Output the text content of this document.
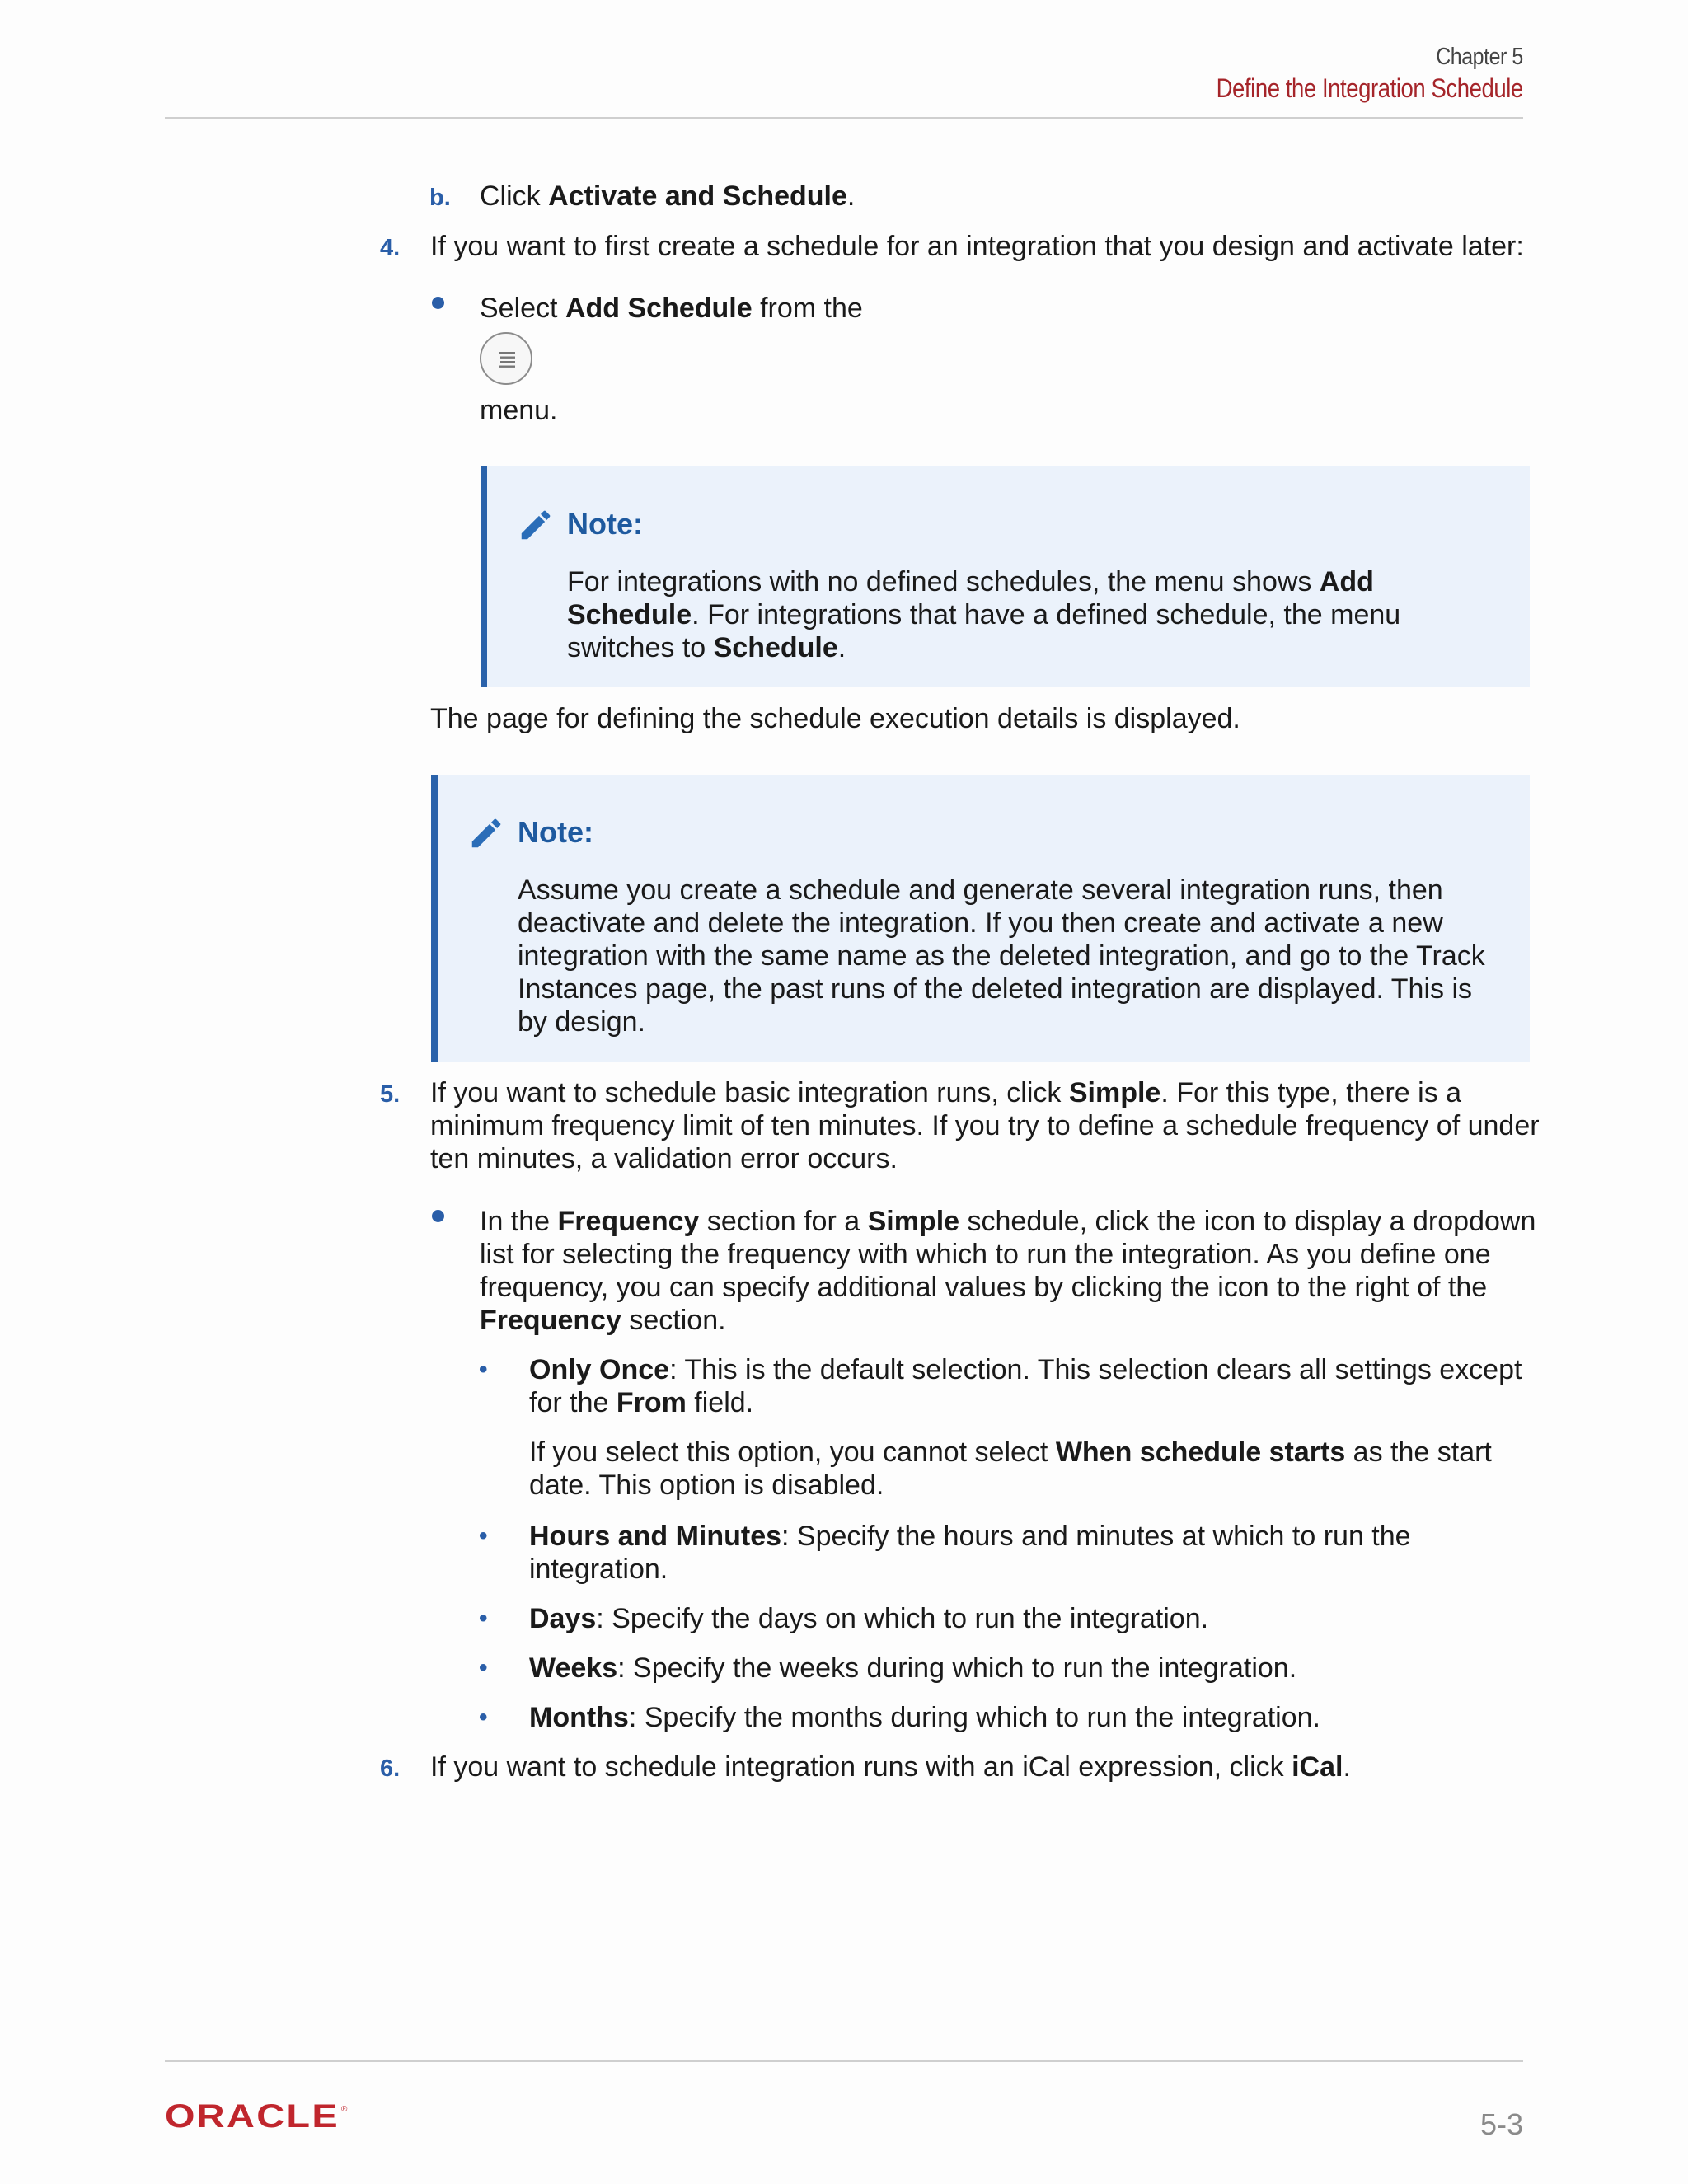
Chapter 5
Define the Integration Schedule
b. Click Activate and Schedule.
4. If you want to first create a schedule for an integration that you design and activate later:
Select Add Schedule from the
menu.
Note:
For integrations with no defined schedules, the menu shows Add
Schedule. For integrations that have a defined schedule, the menu
switches to Schedule.
The page for defining the schedule execution details is displayed.
Note:
Assume you create a schedule and generate several integration runs, then
deactivate and delete the integration. If you then create and activate a new
integration with the same name as the deleted integration, and go to the Track
Instances page, the past runs of the deleted integration are displayed. This is
by design.
5. If you want to schedule basic integration runs, click Simple. For this type, there is a
minimum frequency limit of ten minutes. If you try to define a schedule frequency of under
ten minutes, a validation error occurs.
In the Frequency section for a Simple schedule, click the icon to display a dropdown
list for selecting the frequency with which to run the integration. As you define one
frequency, you can specify additional values by clicking the icon to the right of the
Frequency section.
• Only Once: This is the default selection. This selection clears all settings except
for the From field.
If you select this option, you cannot select When schedule starts as the start
date. This option is disabled.
• Hours and Minutes: Specify the hours and minutes at which to run the
integration.
• Days: Specify the days on which to run the integration.
• Weeks: Specify the weeks during which to run the integration.
• Months: Specify the months during which to run the integration.
6. If you want to schedule integration runs with an iCal expression, click iCal.
ORACLE ®	5-3
